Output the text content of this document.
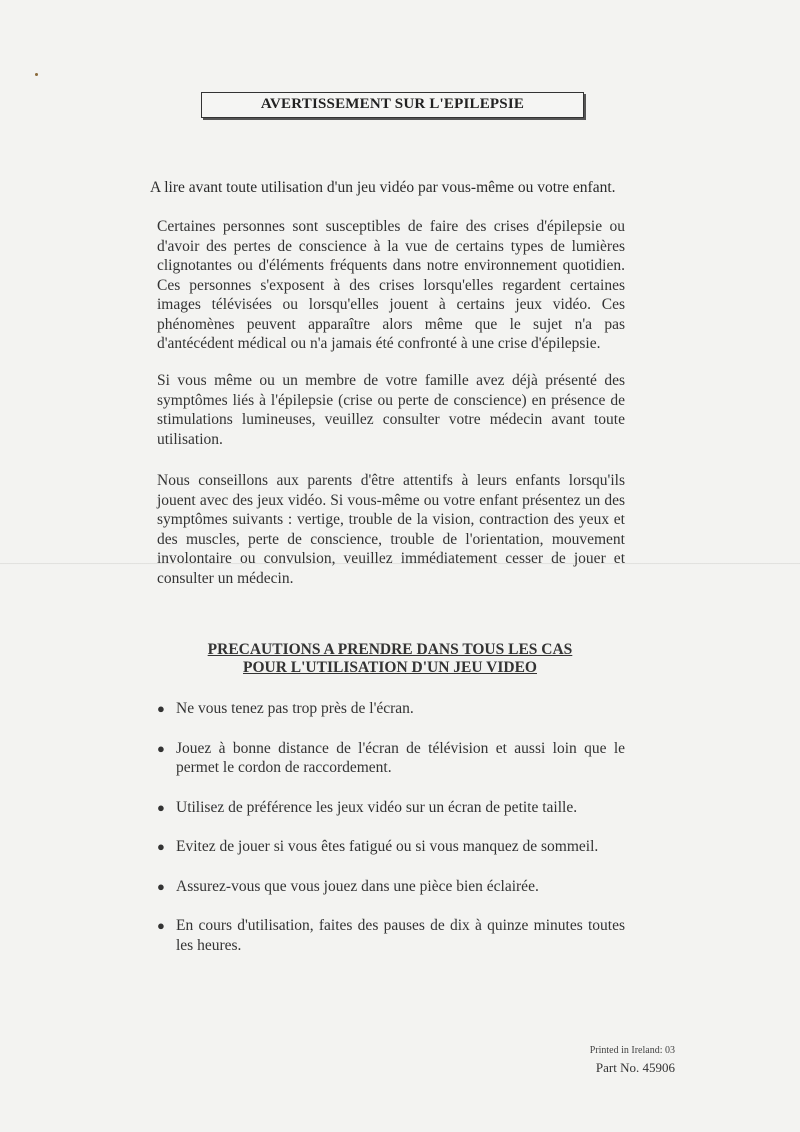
AVERTISSEMENT SUR L'EPILEPSIE
A lire avant toute utilisation d'un jeu vidéo par vous-même ou votre enfant.
Certaines personnes sont susceptibles de faire des crises d'épilepsie ou d'avoir des pertes de conscience à la vue de certains types de lumières clignotantes ou d'éléments fréquents dans notre environnement quotidien. Ces personnes s'exposent à des crises lorsqu'elles regardent certaines images télévisées ou lorsqu'elles jouent à certains jeux vidéo. Ces phénomènes peuvent apparaître alors même que le sujet n'a pas d'antécédent médical ou n'a jamais été confronté à une crise d'épilepsie.
Si vous même ou un membre de votre famille avez déjà présenté des symptômes liés à l'épilepsie (crise ou perte de conscience) en présence de stimulations lumineuses, veuillez consulter votre médecin avant toute utilisation.
Nous conseillons aux parents d'être attentifs à leurs enfants lorsqu'ils jouent avec des jeux vidéo. Si vous-même ou votre enfant présentez un des symptômes suivants : vertige, trouble de la vision, contraction des yeux et des muscles, perte de conscience, trouble de l'orientation, mouvement involontaire ou convulsion, veuillez immédiatement cesser de jouer et consulter un médecin.
PRECAUTIONS A PRENDRE DANS TOUS LES CAS
POUR L'UTILISATION D'UN JEU VIDEO
● Ne vous tenez pas trop près de l'écran.
● Jouez à bonne distance de l'écran de télévision et aussi loin que le permet le cordon de raccordement.
● Utilisez de préférence les jeux vidéo sur un écran de petite taille.
● Evitez de jouer si vous êtes fatigué ou si vous manquez de sommeil.
● Assurez-vous que vous jouez dans une pièce bien éclairée.
● En cours d'utilisation, faites des pauses de dix à quinze minutes toutes les heures.
Printed in Ireland: 03
Part No. 45906
